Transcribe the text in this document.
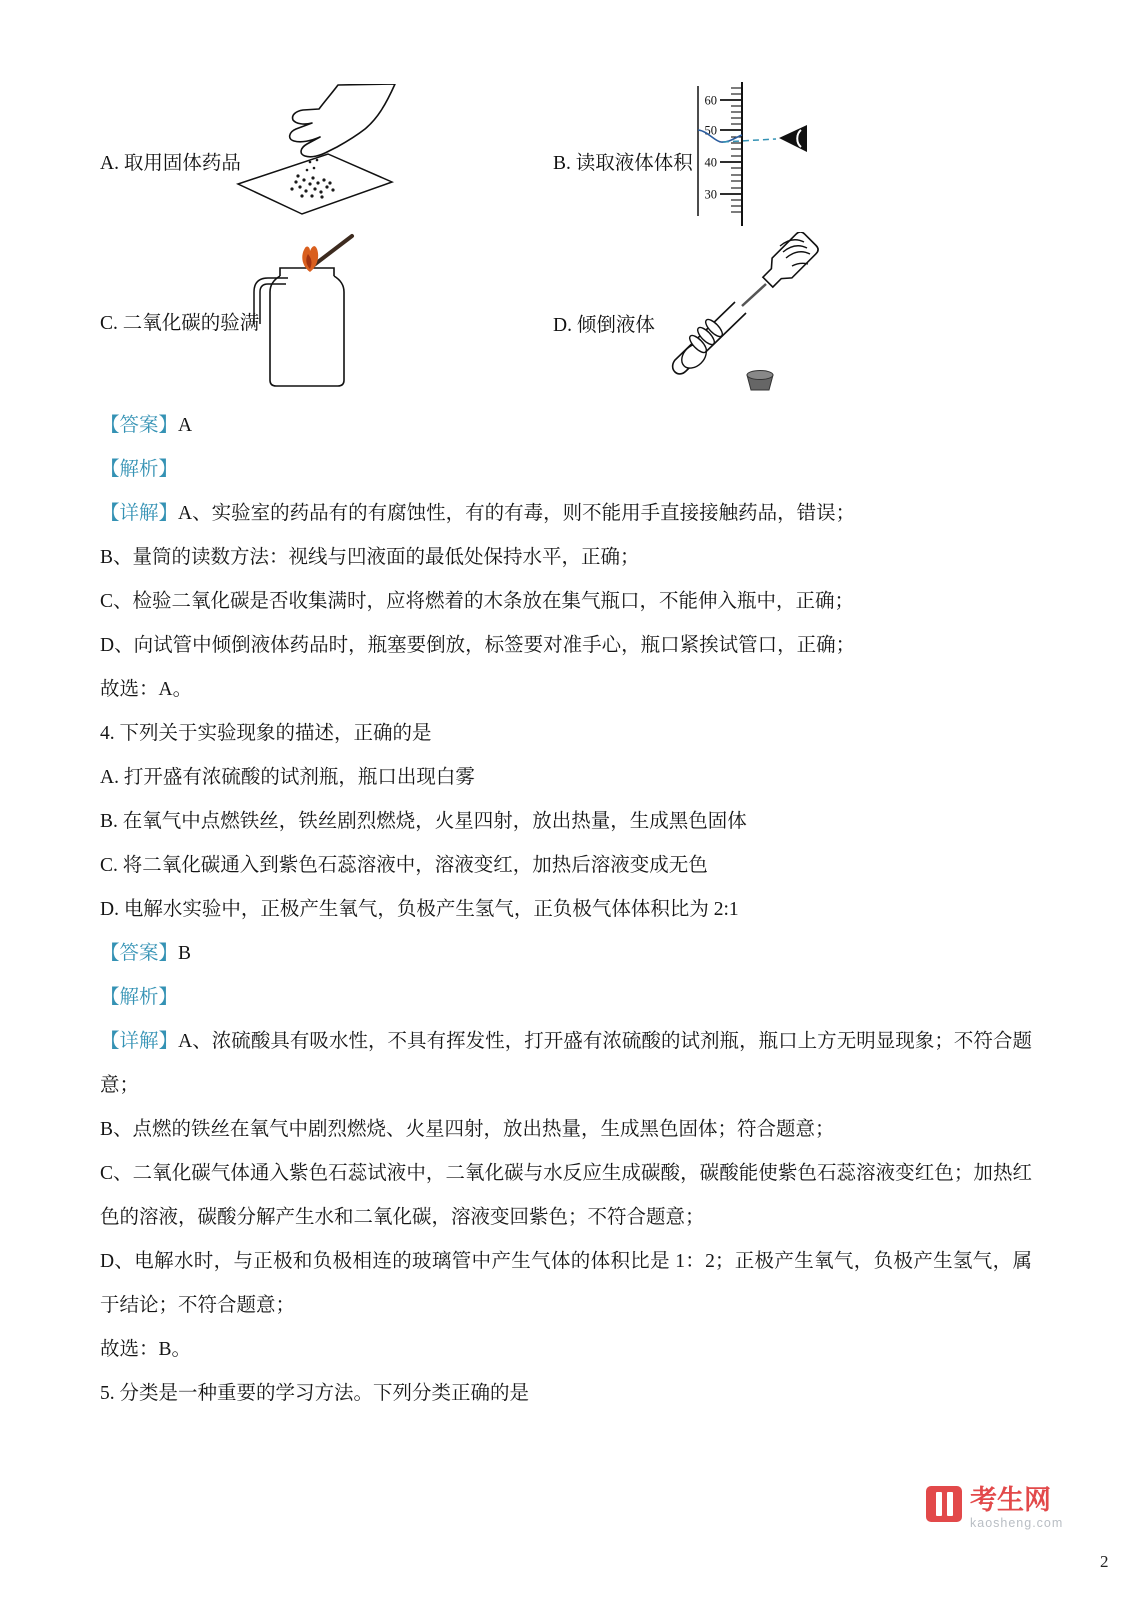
A. 取用固体药品	B. 读取液体体积
C. 二氧化碳的验满	D. 倾倒液体
60
50
40
30

【答案】A

【解析】

【详解】A、实验室的药品有的有腐蚀性，有的有毒，则不能用手直接接触药品，错误；

B、量筒的读数方法：视线与凹液面的最低处保持水平，正确；

C、检验二氧化碳是否收集满时，应将燃着的木条放在集气瓶口，不能伸入瓶中，正确；

D、向试管中倾倒液体药品时，瓶塞要倒放，标签要对准手心，瓶口紧挨试管口，正确；

故选：A。

4. 下列关于实验现象的描述，正确的是

A. 打开盛有浓硫酸的试剂瓶，瓶口出现白雾

B. 在氧气中点燃铁丝，铁丝剧烈燃烧，火星四射，放出热量，生成黑色固体

C. 将二氧化碳通入到紫色石蕊溶液中，溶液变红，加热后溶液变成无色

D. 电解水实验中，正极产生氧气，负极产生氢气，正负极气体体积比为 2:1

【答案】B

【解析】

【详解】A、浓硫酸具有吸水性，不具有挥发性，打开盛有浓硫酸的试剂瓶，瓶口上方无明显现象；不符合题意；

B、点燃的铁丝在氧气中剧烈燃烧、火星四射，放出热量，生成黑色固体；符合题意；

C、二氧化碳气体通入紫色石蕊试液中，二氧化碳与水反应生成碳酸，碳酸能使紫色石蕊溶液变红色；加热红色的溶液，碳酸分解产生水和二氧化碳，溶液变回紫色；不符合题意；

D、电解水时，与正极和负极相连的玻璃管中产生气体的体积比是 1：2；正极产生氧气，负极产生氢气，属于结论；不符合题意；

故选：B。

5. 分类是一种重要的学习方法。下列分类正确的是

考生网
kaosheng.com
2
